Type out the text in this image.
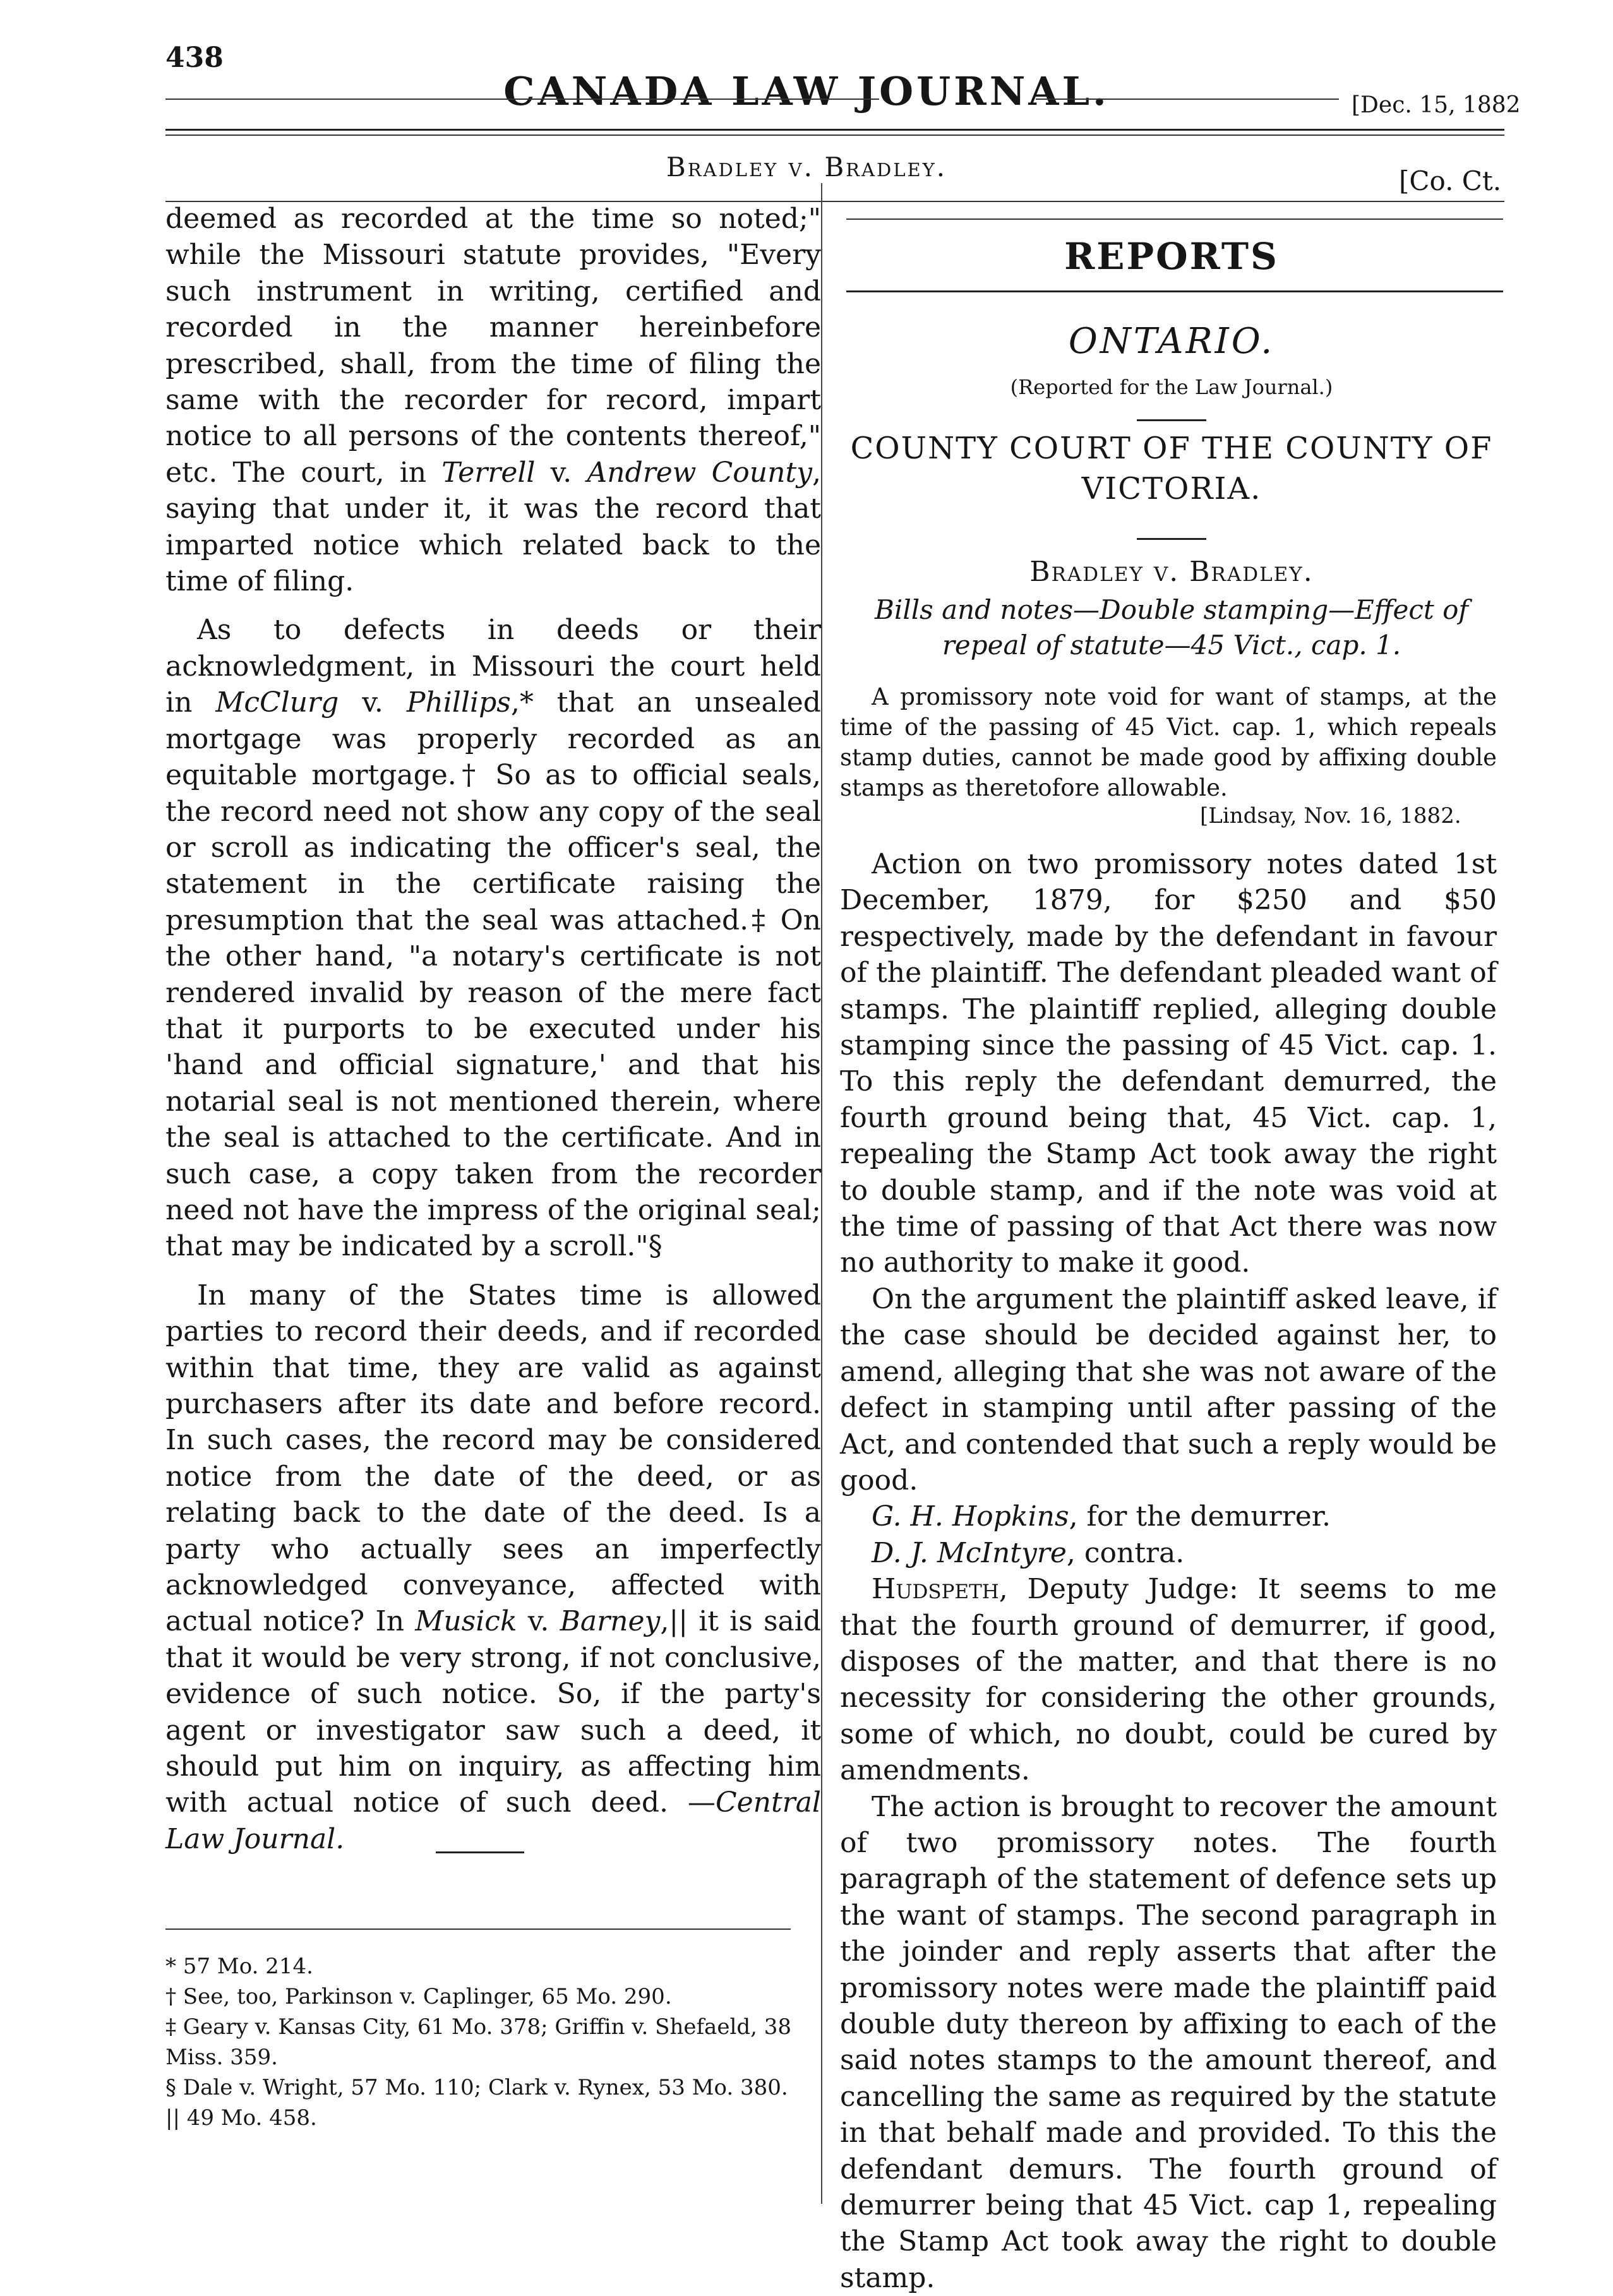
438
CANADA LAW JOURNAL.	[Dec. 15, 1882
Bradley v. Bradley.	[Co. Ct.

deemed as recorded at the time so noted;" while the Missouri statute provides, "Every such instrument in writing, certified and recorded in the manner hereinbefore prescribed, shall, from the time of filing the same with the recorder for record, impart notice to all persons of the contents thereof," etc. The court, in Terrell v. Andrew County, saying that under it, it was the record that imparted notice which related back to the time of filing.

As to defects in deeds or their acknowledgment, in Missouri the court held in McClurg v. Phillips,* that an unsealed mortgage was properly recorded as an equitable mortgage.† So as to official seals, the record need not show any copy of the seal or scroll as indicating the officer's seal, the statement in the certificate raising the presumption that the seal was attached.‡ On the other hand, "a notary's certificate is not rendered invalid by reason of the mere fact that it purports to be executed under his 'hand and official signature,' and that his notarial seal is not mentioned therein, where the seal is attached to the certificate. And in such case, a copy taken from the recorder need not have the impress of the original seal; that may be indicated by a scroll."§

In many of the States time is allowed parties to record their deeds, and if recorded within that time, they are valid as against purchasers after its date and before record. In such cases, the record may be considered notice from the date of the deed, or as relating back to the date of the deed. Is a party who actually sees an imperfectly acknowledged conveyance, affected with actual notice? In Musick v. Barney,|| it is said that it would be very strong, if not conclusive, evidence of such notice. So, if the party's agent or investigator saw such a deed, it should put him on inquiry, as affecting him with actual notice of such deed. —Central Law Journal.

* 57 Mo. 214.
† See, too, Parkinson v. Caplinger, 65 Mo. 290.
‡ Geary v. Kansas City, 61 Mo. 378; Griffin v. Shefaeld, 38 Miss. 359.
§ Dale v. Wright, 57 Mo. 110; Clark v. Rynex, 53 Mo. 380.
|| 49 Mo. 458.
REPORTS
ONTARIO.
(Reported for the Law Journal.)
COUNTY COURT OF THE COUNTY OF VICTORIA.
Bradley v. Bradley.
Bills and notes—Double stamping—Effect of repeal of statute—45 Vict., cap. 1.
A promissory note void for want of stamps, at the time of the passing of 45 Vict. cap. 1, which repeals stamp duties, cannot be made good by affixing double stamps as theretofore allowable.
[Lindsay, Nov. 16, 1882.

Action on two promissory notes dated 1st December, 1879, for $250 and $50 respectively, made by the defendant in favour of the plaintiff. The defendant pleaded want of stamps. The plaintiff replied, alleging double stamping since the passing of 45 Vict. cap. 1. To this reply the defendant demurred, the fourth ground being that, 45 Vict. cap. 1, repealing the Stamp Act took away the right to double stamp, and if the note was void at the time of passing of that Act there was now no authority to make it good.

On the argument the plaintiff asked leave, if the case should be decided against her, to amend, alleging that she was not aware of the defect in stamping until after passing of the Act, and contended that such a reply would be good.

G. H. Hopkins, for the demurrer.

D. J. McIntyre, contra.

Hudspeth, Deputy Judge: It seems to me that the fourth ground of demurrer, if good, disposes of the matter, and that there is no necessity for considering the other grounds, some of which, no doubt, could be cured by amendments.

The action is brought to recover the amount of two promissory notes. The fourth paragraph of the statement of defence sets up the want of stamps. The second paragraph in the joinder and reply asserts that after the promissory notes were made the plaintiff paid double duty thereon by affixing to each of the said notes stamps to the amount thereof, and cancelling the same as required by the statute in that behalf made and provided. To this the defendant demurs. The fourth ground of demurrer being that 45 Vict. cap 1, repealing the Stamp Act took away the right to double stamp.
